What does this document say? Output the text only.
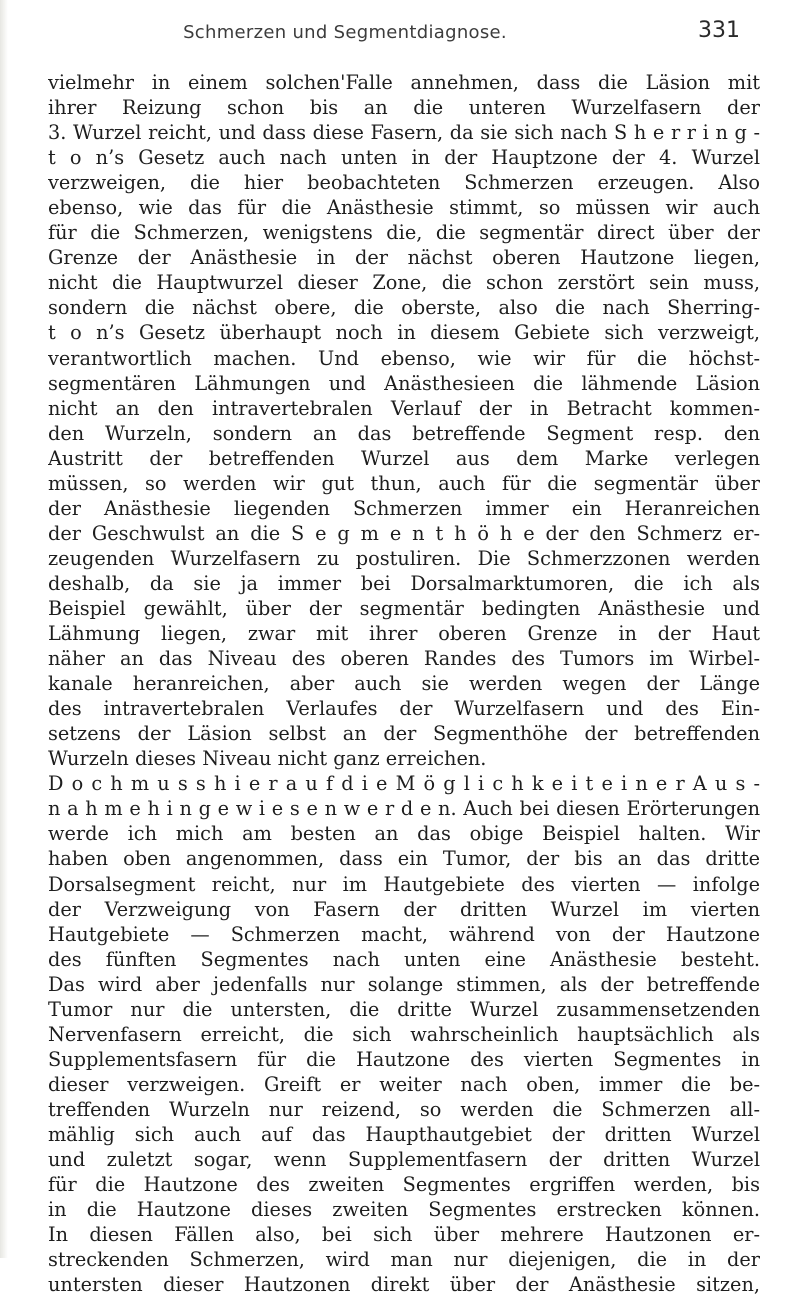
Schmerzen und Segmentdiagnose.	331
vielmehr in einem solchen'Falle annehmen, dass die Läsion mit
ihrer Reizung schon bis an die unteren Wurzelfasern der
3. Wurzel reicht, und dass diese Fasern, da sie sich nach S h e r r i n g -
t o n’s Gesetz auch nach unten in der Hauptzone der 4. Wurzel
verzweigen, die hier beobachteten Schmerzen erzeugen. Also
ebenso, wie das für die Anästhesie stimmt, so müssen wir auch
für die Schmerzen, wenigstens die, die segmentär direct über der
Grenze der Anästhesie in der nächst oberen Hautzone liegen,
nicht die Hauptwurzel dieser Zone, die schon zerstört sein muss,
sondern die nächst obere, die oberste, also die nach Sherring-
t o n’s Gesetz überhaupt noch in diesem Gebiete sich verzweigt,
verantwortlich machen. Und ebenso, wie wir für die höchst-
segmentären Lähmungen und Anästhesieen die lähmende Läsion
nicht an den intravertebralen Verlauf der in Betracht kommen-
den Wurzeln, sondern an das betreffende Segment resp. den
Austritt der betreffenden Wurzel aus dem Marke verlegen
müssen, so werden wir gut thun, auch für die segmentär über
der Anästhesie liegenden Schmerzen immer ein Heranreichen
der Geschwulst an die S e g m e n t h ö h e der den Schmerz er-
zeugenden Wurzelfasern zu postuliren. Die Schmerzzonen werden
deshalb, da sie ja immer bei Dorsalmarktumoren, die ich als
Beispiel gewählt, über der segmentär bedingten Anästhesie und
Lähmung liegen, zwar mit ihrer oberen Grenze in der Haut
näher an das Niveau des oberen Randes des Tumors im Wirbel-
kanale heranreichen, aber auch sie werden wegen der Länge
des intravertebralen Verlaufes der Wurzelfasern und des Ein-
setzens der Läsion selbst an der Segmenthöhe der betreffenden
Wurzeln dieses Niveau nicht ganz erreichen.
D o c h m u s s h i e r a u f d i e M ö g l i c h k e i t e i n e r A u s -
n a h m e h i n g e w i e s e n w e r d e n. Auch bei diesen Erörterungen
werde ich mich am besten an das obige Beispiel halten. Wir
haben oben angenommen, dass ein Tumor, der bis an das dritte
Dorsalsegment reicht, nur im Hautgebiete des vierten — infolge
der Verzweigung von Fasern der dritten Wurzel im vierten
Hautgebiete — Schmerzen macht, während von der Hautzone
des fünften Segmentes nach unten eine Anästhesie besteht.
Das wird aber jedenfalls nur solange stimmen, als der betreffende
Tumor nur die untersten, die dritte Wurzel zusammensetzenden
Nervenfasern erreicht, die sich wahrscheinlich hauptsächlich als
Supplementsfasern für die Hautzone des vierten Segmentes in
dieser verzweigen. Greift er weiter nach oben, immer die be-
treffenden Wurzeln nur reizend, so werden die Schmerzen all-
mählig sich auch auf das Haupthautgebiet der dritten Wurzel
und zuletzt sogar, wenn Supplementfasern der dritten Wurzel
für die Hautzone des zweiten Segmentes ergriffen werden, bis
in die Hautzone dieses zweiten Segmentes erstrecken können.
In diesen Fällen also, bei sich über mehrere Hautzonen er-
streckenden Schmerzen, wird man nur diejenigen, die in der
untersten dieser Hautzonen direkt über der Anästhesie sitzen,
